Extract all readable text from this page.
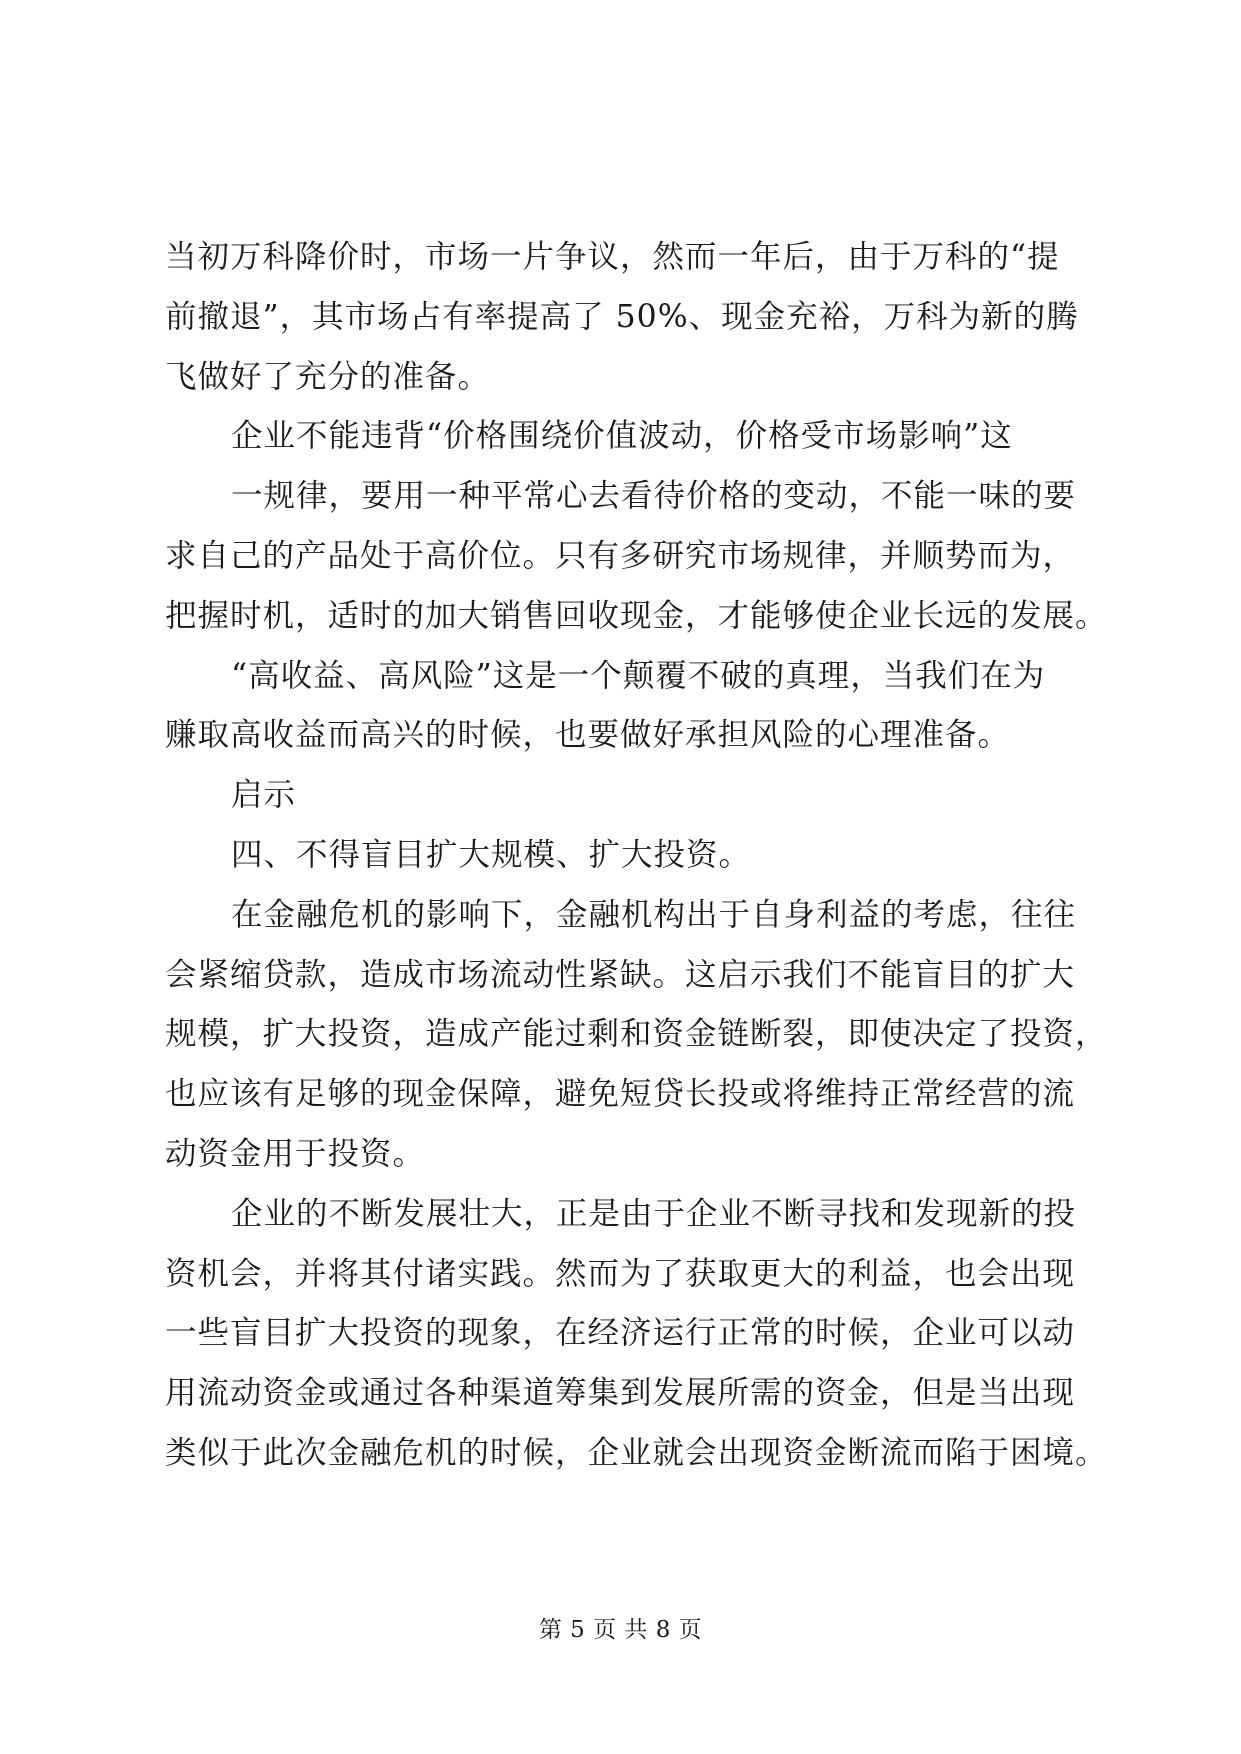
当初万科降价时，市场一片争议，然而一年后，由于万科的“提
前撤退”，其市场占有率提高了 50%、现金充裕，万科为新的腾
飞做好了充分的准备。
企业不能违背“价格围绕价值波动，价格受市场影响”这
一规律，要用一种平常心去看待价格的变动，不能一味的要
求自己的产品处于高价位。只有多研究市场规律，并顺势而为，
把握时机，适时的加大销售回收现金，才能够使企业长远的发展。
“高收益、高风险”这是一个颠覆不破的真理，当我们在为
赚取高收益而高兴的时候，也要做好承担风险的心理准备。
启示
四、不得盲目扩大规模、扩大投资。
在金融危机的影响下，金融机构出于自身利益的考虑，往往
会紧缩贷款，造成市场流动性紧缺。这启示我们不能盲目的扩大
规模，扩大投资，造成产能过剩和资金链断裂，即使决定了投资，
也应该有足够的现金保障，避免短贷长投或将维持正常经营的流
动资金用于投资。
企业的不断发展壮大，正是由于企业不断寻找和发现新的投
资机会，并将其付诸实践。然而为了获取更大的利益，也会出现
一些盲目扩大投资的现象，在经济运行正常的时候，企业可以动
用流动资金或通过各种渠道筹集到发展所需的资金，但是当出现
类似于此次金融危机的时候，企业就会出现资金断流而陷于困境。
第 5 页 共 8 页
